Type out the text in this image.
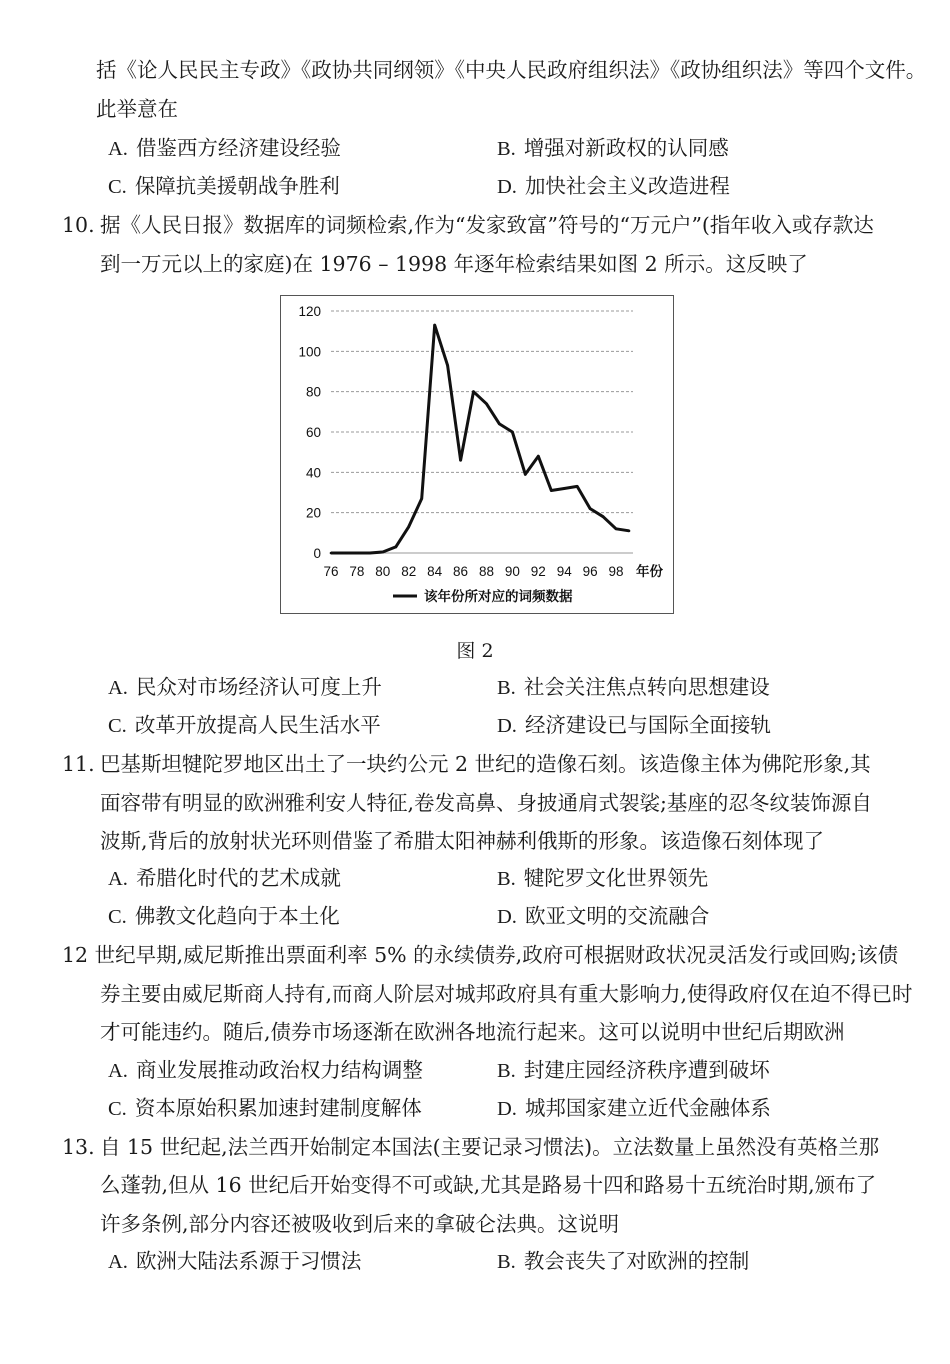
括《论人民民主专政》《政协共同纲领》《中央人民政府组织法》《政协组织法》等四个文件。
此举意在
A. 借鉴西方经济建设经验	B. 增强对新政权的认同感
C. 保障抗美援朝战争胜利	D. 加快社会主义改造进程
10. 据《人民日报》数据库的词频检索,作为“发家致富”符号的“万元户”(指年收入或存款达
到一万元以上的家庭)在 1976 – 1998 年逐年检索结果如图 2 所示。这反映了
0
20
40
60
80
100
120
76 78 80 82 84 86 88 90 92 94 96 98 年份
该年份所对应的词频数据
图 2
A. 民众对市场经济认可度上升	B. 社会关注焦点转向思想建设
C. 改革开放提高人民生活水平	D. 经济建设已与国际全面接轨
11. 巴基斯坦犍陀罗地区出土了一块约公元 2 世纪的造像石刻。该造像主体为佛陀形象,其
面容带有明显的欧洲雅利安人特征,卷发高鼻、身披通肩式袈裟;基座的忍冬纹装饰源自
波斯,背后的放射状光环则借鉴了希腊太阳神赫利俄斯的形象。该造像石刻体现了
A. 希腊化时代的艺术成就	B. 犍陀罗文化世界领先
C. 佛教文化趋向于本土化	D. 欧亚文明的交流融合
12 世纪早期,威尼斯推出票面利率 5% 的永续债券,政府可根据财政状况灵活发行或回购;该债
券主要由威尼斯商人持有,而商人阶层对城邦政府具有重大影响力,使得政府仅在迫不得已时
才可能违约。随后,债券市场逐渐在欧洲各地流行起来。这可以说明中世纪后期欧洲
A. 商业发展推动政治权力结构调整	B. 封建庄园经济秩序遭到破坏
C. 资本原始积累加速封建制度解体	D. 城邦国家建立近代金融体系
13. 自 15 世纪起,法兰西开始制定本国法(主要记录习惯法)。立法数量上虽然没有英格兰那
么蓬勃,但从 16 世纪后开始变得不可或缺,尤其是路易十四和路易十五统治时期,颁布了
许多条例,部分内容还被吸收到后来的拿破仑法典。这说明
A. 欧洲大陆法系源于习惯法	B. 教会丧失了对欧洲的控制
